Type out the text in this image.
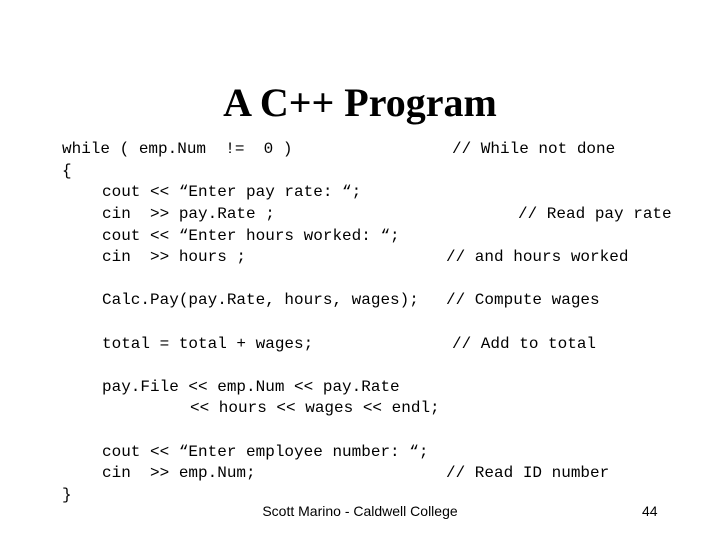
A C++ Program
while ( emp.Num  !=  0 )	// While not done
{
cout << “Enter pay rate: “;
cin  >> pay.Rate ;	// Read pay rate
cout << “Enter hours worked: “;
cin  >> hours ;	// and hours worked
Calc.Pay(pay.Rate, hours, wages); // Compute wages
total = total + wages;	// Add to total
pay.File << emp.Num << pay.Rate
<< hours << wages << endl;
cout << “Enter employee number: “;
cin  >> emp.Num;	// Read ID number
}
Scott Marino - Caldwell College	44
